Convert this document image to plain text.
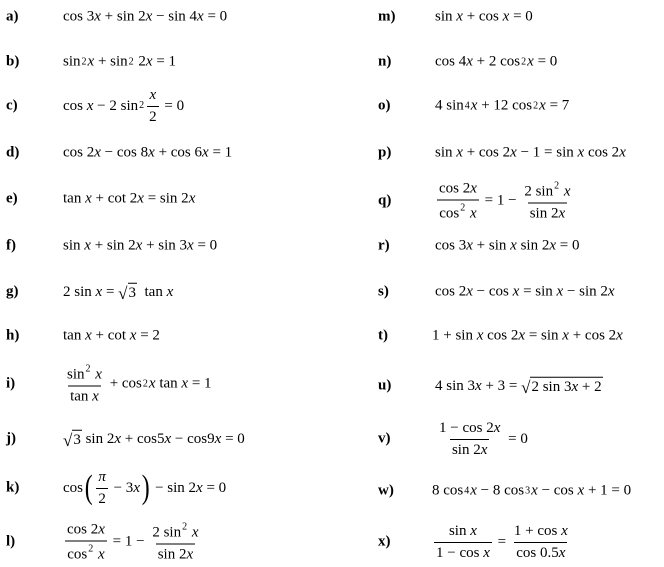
a)	cos 3 x + sin 2 x − sin 4 x = 0
b)	sin 2 x + sin 2 2 x = 1
c)	cos x − 2 $\sin 2 \frac{x}{2} = 0$
d)	cos 2 x − cos 8 x + cos 6 x = 1
e)	tan x + cot 2 x = sin 2 x
f)	sin x + sin 2 x + sin 3 x = 0
g)	2 sin x = √ 3 tan x
h)	tan x + cot x = 2
i)	$\frac{\sin^2 x}{\text{tan x}} + \cos 2$ x tan x = 1
j)	√ 3 sin 2 x + cos5 x − cos9 x = 0
k)	cos ( $\frac{\pi}{2} - 3$ x ) − sin 2 x = 0
l)	$\frac{\cos 2x}{\cos^2 x} = 1 - \frac{2 \sin^2 x}{\sin 2x}$
m)	sin x + cos x = 0
n)	cos 4 x + 2 cos 2 x = 0
o)	4 sin 4 x + 12 cos 2 x = 7
p)	sin x + cos 2 x − 1 = sin x cos 2 x
q)	$\frac{\cos 2x}{\cos^2 x} = 1 - \frac{2 \sin^2 x}{\sin 2x}$
r)	cos 3 x + sin x sin 2 x = 0
s)	cos 2 x − cos x = sin x − sin 2 x
t)	1 + sin x cos 2 x = sin x + cos 2 x
u)	4 sin 3 x + 3 = √ 2 sin 3x + 2
v)	$\frac{1 - \cos 2x}{\sin 2x} = 0$
w)	8 cos 4 x − 8 cos 3 x − cos x + 1 = 0
x)	$\frac{\text{sin x}}{\text{1 − cos x}} = \frac{\text{1 + cos x}}{\cos 0.5x}$
